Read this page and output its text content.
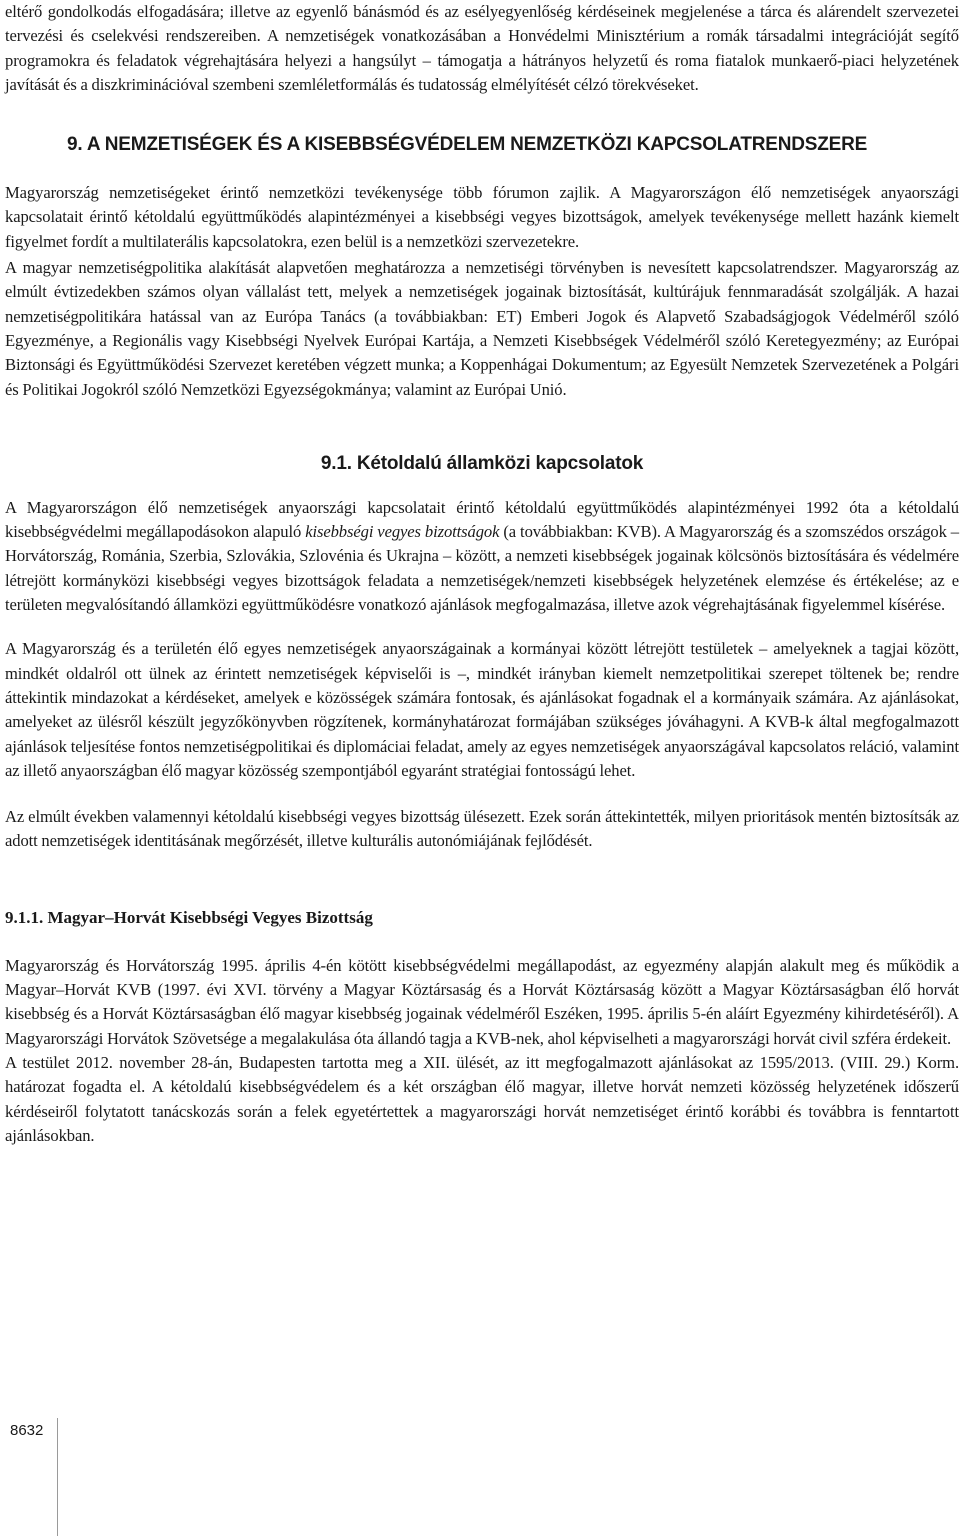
eltérő gondolkodás elfogadására; illetve az egyenlő bánásmód és az esélyegyenlőség kérdéseinek megjelenése a tárca és alárendelt szervezetei tervezési és cselekvési rendszereiben. A nemzetiségek vonatkozásában a Honvédelmi Minisztérium a romák társadalmi integrációját segítő programokra és feladatok végrehajtására helyezi a hangsúlyt – támogatja a hátrányos helyzetű és roma fiatalok munkaerő-piaci helyzetének javítását és a diszkriminációval szembeni szemléletformálás és tudatosság elmélyítését célzó törekvéseket.

9. A NEMZETISÉGEK ÉS A KISEBBSÉGVÉDELEM NEMZETKÖZI KAPCSOLATRENDSZERE

Magyarország nemzetiségeket érintő nemzetközi tevékenysége több fórumon zajlik. A Magyarországon élő nemzetiségek anyaországi kapcsolatait érintő kétoldalú együttműködés alapintézményei a kisebbségi vegyes bizottságok, amelyek tevékenysége mellett hazánk kiemelt figyelmet fordít a multilaterális kapcsolatokra, ezen belül is a nemzetközi szervezetekre.

A magyar nemzetiségpolitika alakítását alapvetően meghatározza a nemzetiségi törvényben is nevesített kapcsolatrendszer. Magyarország az elmúlt évtizedekben számos olyan vállalást tett, melyek a nemzetiségek jogainak biztosítását, kultúrájuk fennmaradását szolgálják. A hazai nemzetiségpolitikára hatással van az Európa Tanács (a továbbiakban: ET) Emberi Jogok és Alapvető Szabadságjogok Védelméről szóló Egyezménye, a Regionális vagy Kisebbségi Nyelvek Európai Kartája, a Nemzeti Kisebbségek Védelméről szóló Keretegyezmény; az Európai Biztonsági és Együttműködési Szervezet keretében végzett munka; a Koppenhágai Dokumentum; az Egyesült Nemzetek Szervezetének a Polgári és Politikai Jogokról szóló Nemzetközi Egyezségokmánya; valamint az Európai Unió.

9.1. Kétoldalú államközi kapcsolatok

A Magyarországon élő nemzetiségek anyaországi kapcsolatait érintő kétoldalú együttműködés alapintézményei 1992 óta a kétoldalú kisebbségvédelmi megállapodásokon alapuló kisebbségi vegyes bizottságok (a továbbiakban: KVB). A Magyarország és a szomszédos országok – Horvátország, Románia, Szerbia, Szlovákia, Szlovénia és Ukrajna – között, a nemzeti kisebbségek jogainak kölcsönös biztosítására és védelmére létrejött kormányközi kisebbségi vegyes bizottságok feladata a nemzetiségek/nemzeti kisebbségek helyzetének elemzése és értékelése; az e területen megvalósítandó államközi együttműködésre vonatkozó ajánlások megfogalmazása, illetve azok végrehajtásának figyelemmel kísérése.

A Magyarország és a területén élő egyes nemzetiségek anyaországainak a kormányai között létrejött testületek – amelyeknek a tagjai között, mindkét oldalról ott ülnek az érintett nemzetiségek képviselői is –, mindkét irányban kiemelt nemzetpolitikai szerepet töltenek be; rendre áttekintik mindazokat a kérdéseket, amelyek e közösségek számára fontosak, és ajánlásokat fogadnak el a kormányaik számára. Az ajánlásokat, amelyeket az ülésről készült jegyzőkönyvben rögzítenek, kormányhatározat formájában szükséges jóváhagyni. A KVB-k által megfogalmazott ajánlások teljesítése fontos nemzetiségpolitikai és diplomáciai feladat, amely az egyes nemzetiségek anyaországával kapcsolatos reláció, valamint az illető anyaországban élő magyar közösség szempontjából egyaránt stratégiai fontosságú lehet.

Az elmúlt években valamennyi kétoldalú kisebbségi vegyes bizottság ülésezett. Ezek során áttekintették, milyen prioritások mentén biztosítsák az adott nemzetiségek identitásának megőrzését, illetve kulturális autonómiájának fejlődését.

9.1.1. Magyar–Horvát Kisebbségi Vegyes Bizottság

Magyarország és Horvátország 1995. április 4-én kötött kisebbségvédelmi megállapodást, az egyezmény alapján alakult meg és működik a Magyar–Horvát KVB (1997. évi XVI. törvény a Magyar Köztársaság és a Horvát Köztársaság között a Magyar Köztársaságban élő horvát kisebbség és a Horvát Köztársaságban élő magyar kisebbség jogainak védelméről Eszéken, 1995. április 5-én aláírt Egyezmény kihirdetéséről). A Magyarországi Horvátok Szövetsége a megalakulása óta állandó tagja a KVB-nek, ahol képviselheti a magyarországi horvát civil szféra érdekeit.

A testület 2012. november 28-án, Budapesten tartotta meg a XII. ülését, az itt megfogalmazott ajánlásokat az 1595/2013. (VIII. 29.) Korm. határozat fogadta el. A kétoldalú kisebbségvédelem és a két országban élő magyar, illetve horvát nemzeti közösség helyzetének időszerű kérdéseiről folytatott tanácskozás során a felek egyetértettek a magyarországi horvát nemzetiséget érintő korábbi és továbbra is fenntartott ajánlásokban.

8632
